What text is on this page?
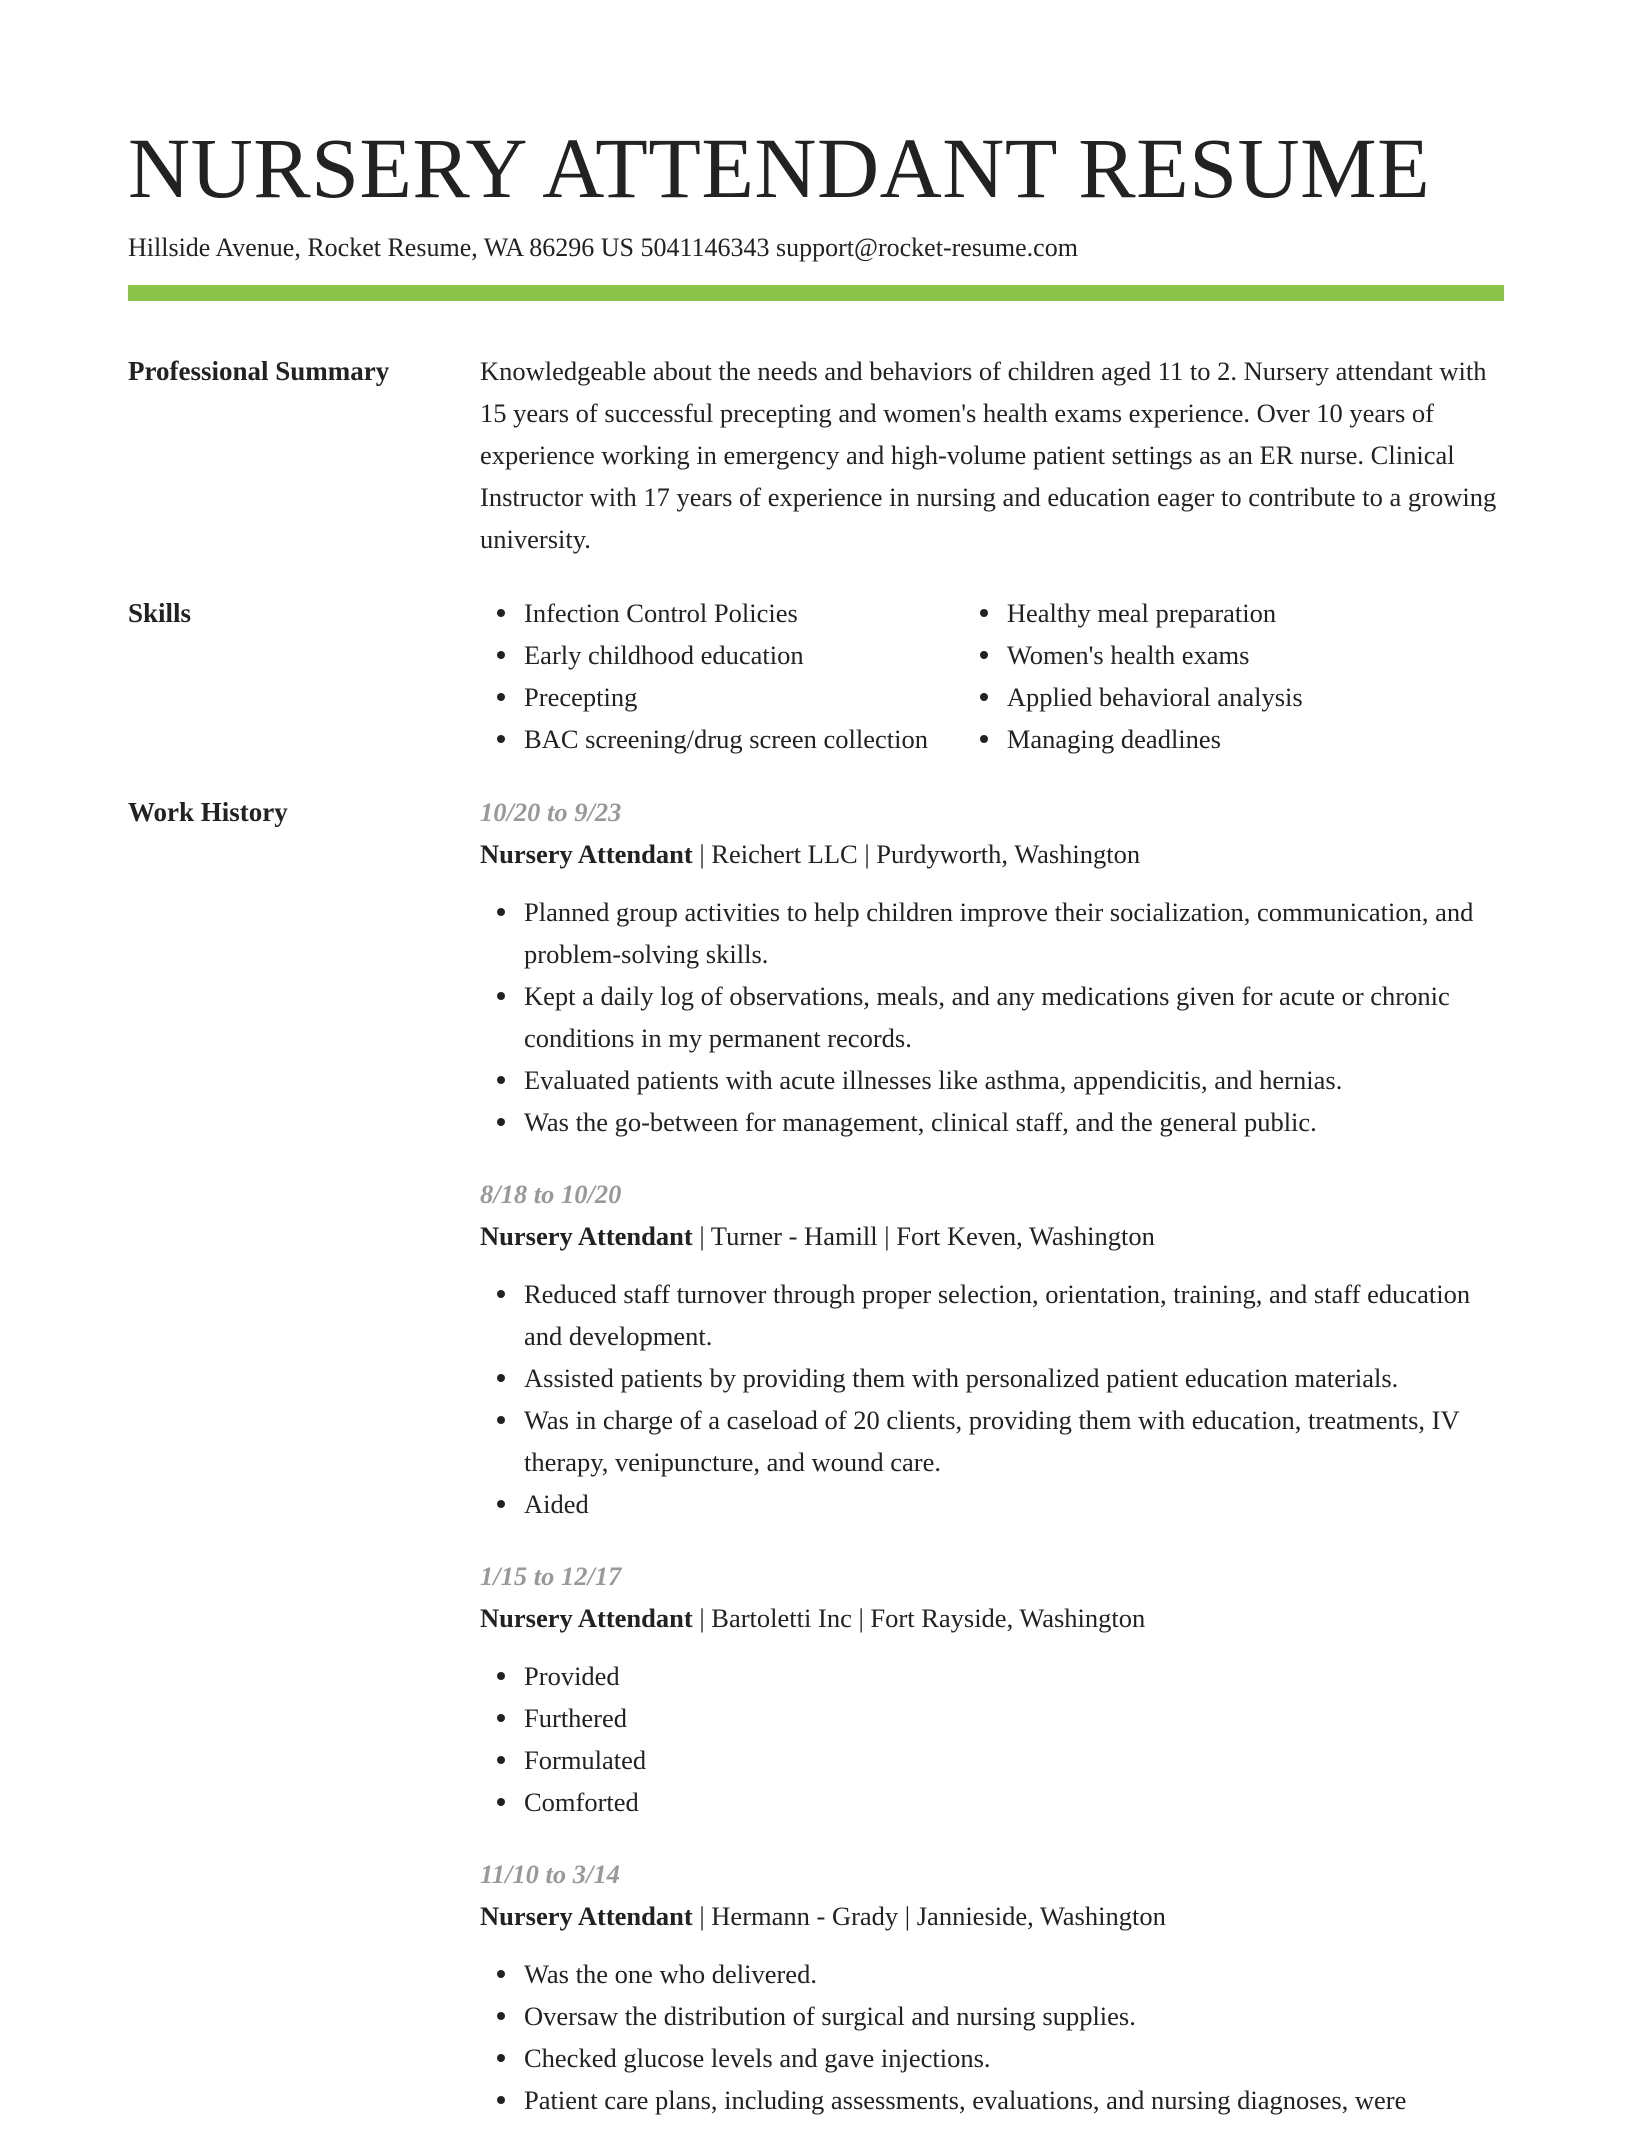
NURSERY ATTENDANT RESUME
Hillside Avenue, Rocket Resume, WA 86296 US 5041146343 support@rocket-resume.com
Professional Summary	Knowledgeable about the needs and behaviors of children aged 11 to 2. Nursery attendant with 15 years of successful precepting and women's health exams experience. Over 10 years of experience working in emergency and high-volume patient settings as an ER nurse. Clinical Instructor with 17 years of experience in nursing and education eager to contribute to a growing university.

Skills	Infection Control Policies
Early childhood education
Precepting
BAC screening/drug screen collection
Healthy meal preparation
Women's health exams
Applied behavioral analysis
Managing deadlines
Work History	10/20 to 9/23
Nursery Attendant | Reichert LLC | Purdyworth, Washington
Planned group activities to help children improve their socialization, communication, and problem-solving skills.
Kept a daily log of observations, meals, and any medications given for acute or chronic conditions in my permanent records.
Evaluated patients with acute illnesses like asthma, appendicitis, and hernias.
Was the go-between for management, clinical staff, and the general public.
8/18 to 10/20
Nursery Attendant | Turner - Hamill | Fort Keven, Washington
Reduced staff turnover through proper selection, orientation, training, and staff education and development.
Assisted patients by providing them with personalized patient education materials.
Was in charge of a caseload of 20 clients, providing them with education, treatments, IV therapy, venipuncture, and wound care.
Aided
1/15 to 12/17
Nursery Attendant | Bartoletti Inc | Fort Rayside, Washington
Provided
Furthered
Formulated
Comforted
11/10 to 3/14
Nursery Attendant | Hermann - Grady | Jannieside, Washington
Was the one who delivered.
Oversaw the distribution of surgical and nursing supplies.
Checked glucose levels and gave injections.
Patient care plans, including assessments, evaluations, and nursing diagnoses, were
